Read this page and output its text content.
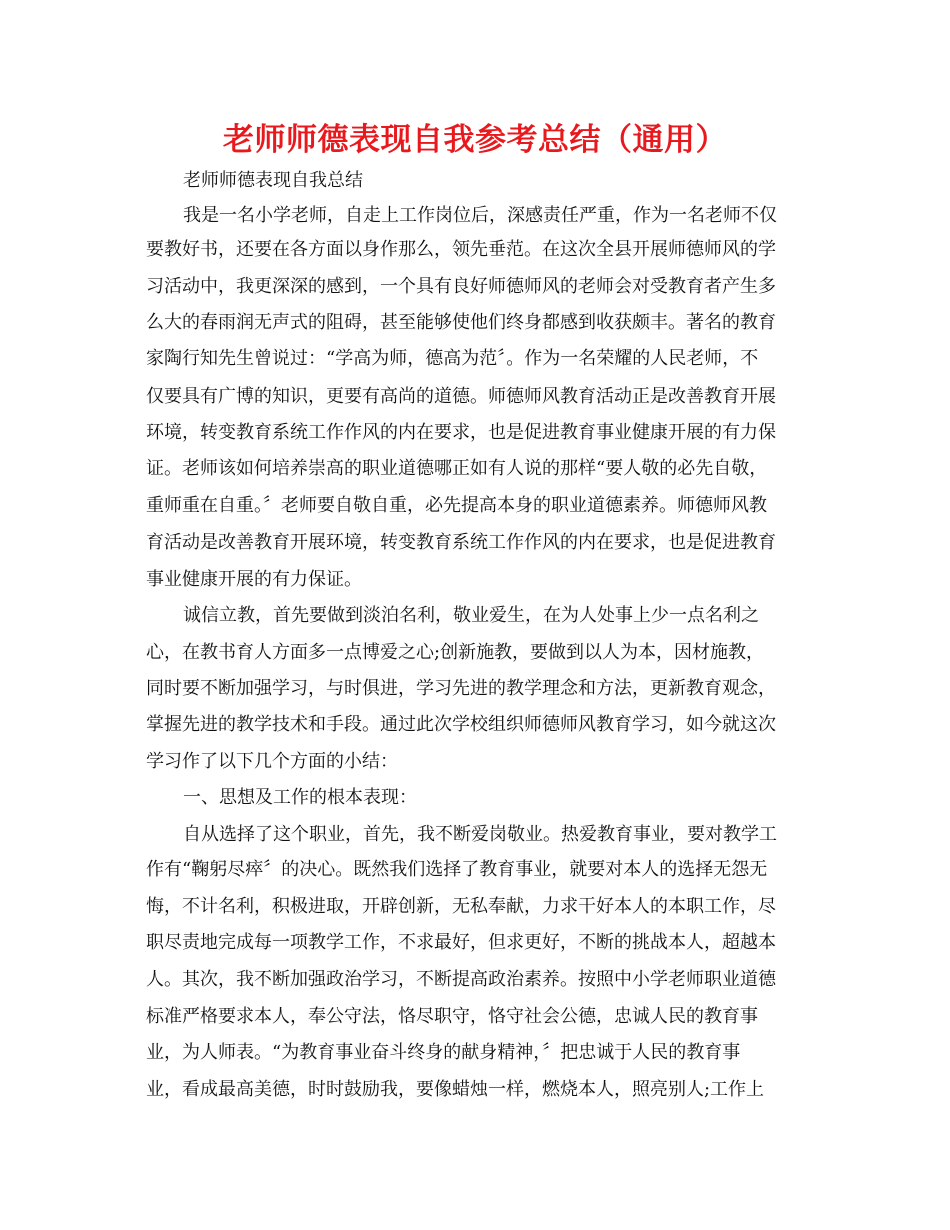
老师师德表现自我参考总结（通用）
老师师德表现自我总结
我是一名小学老师，自走上工作岗位后，深感责任严重，作为一名老师不仅
要教好书，还要在各方面以身作那么，领先垂范。在这次全县开展师德师风的学
习活动中，我更深深的感到，一个具有良好师德师风的老师会对受教育者产生多
么大的春雨润无声式的阻碍，甚至能够使他们终身都感到收获颇丰。著名的教育
家陶行知先生曾说过：“学高为师，德高为范〞。作为一名荣耀的人民老师，不
仅要具有广博的知识，更要有高尚的道德。师德师风教育活动正是改善教育开展
环境，转变教育系统工作作风的内在要求，也是促进教育事业健康开展的有力保
证。老师该如何培养崇高的职业道德哪正如有人说的那样“要人敬的必先自敬，
重师重在自重。〞老师要自敬自重，必先提高本身的职业道德素养。师德师风教
育活动是改善教育开展环境，转变教育系统工作作风的内在要求，也是促进教育
事业健康开展的有力保证。
诚信立教，首先要做到淡泊名利，敬业爱生，在为人处事上少一点名利之
心，在教书育人方面多一点博爱之心;创新施教，要做到以人为本，因材施教，
同时要不断加强学习，与时俱进，学习先进的教学理念和方法，更新教育观念，
掌握先进的教学技术和手段。通过此次学校组织师德师风教育学习，如今就这次
学习作了以下几个方面的小结：
一、思想及工作的根本表现：
自从选择了这个职业，首先，我不断爱岗敬业。热爱教育事业，要对教学工
作有“鞠躬尽瘁〞的决心。既然我们选择了教育事业，就要对本人的选择无怨无
悔，不计名利，积极进取，开辟创新，无私奉献，力求干好本人的本职工作，尽
职尽责地完成每一项教学工作，不求最好，但求更好，不断的挑战本人，超越本
人。其次，我不断加强政治学习，不断提高政治素养。按照中小学老师职业道德
标准严格要求本人，奉公守法，恪尽职守，恪守社会公德，忠诚人民的教育事
业，为人师表。“为教育事业奋斗终身的献身精神，〞把忠诚于人民的教育事
业，看成最高美德，时时鼓励我，要像蜡烛一样，燃烧本人，照亮别人;工作上
